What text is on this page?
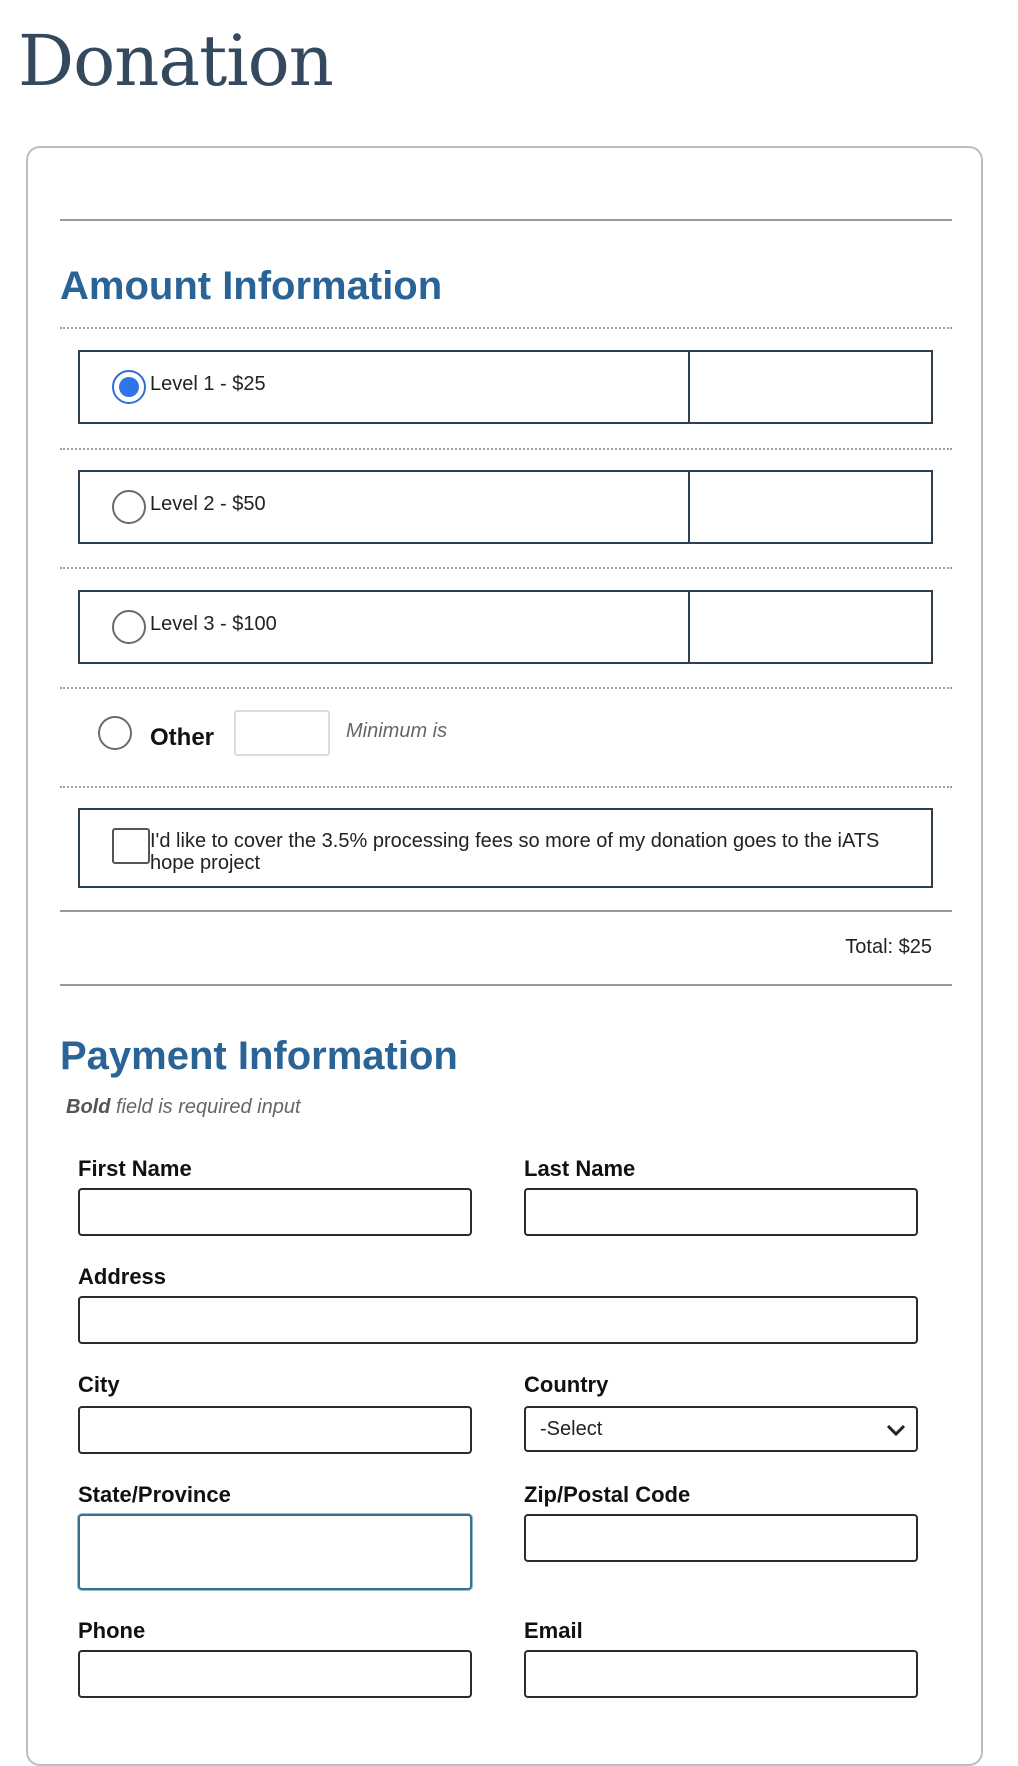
Donation
Amount Information
Level 1 - $25
Level 2 - $50
Level 3 - $100
Other	Minimum is
I'd like to cover the 3.5% processing fees so more of my donation goes to the iATS hope project
Total: $25
Payment Information
Bold field is required input
First Name	Last Name
Address
City	Country
-Select
State/Province	Zip/Postal Code
Phone	Email
